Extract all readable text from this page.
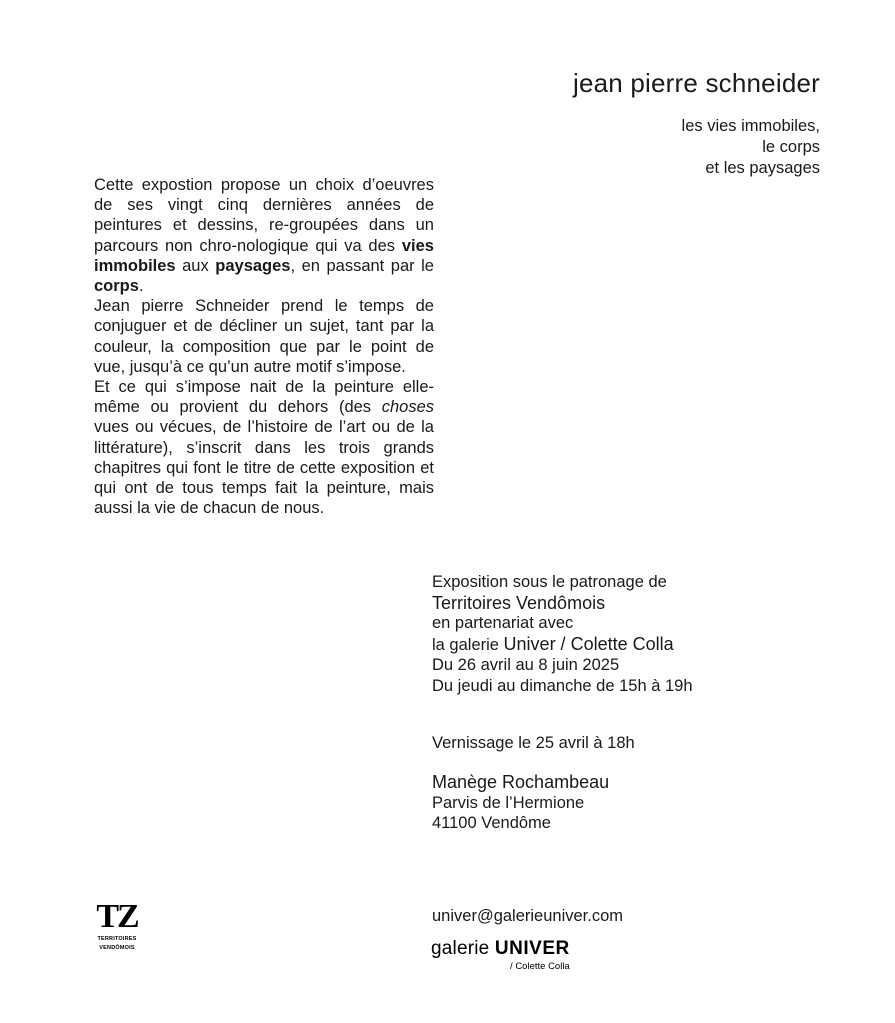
jean pierre schneider
les vies immobiles,
le corps
et les paysages

Cette expostion propose un choix d’oeuvres de ses vingt cinq dernières années de peintures et dessins, re-groupées dans un parcours non chro-nologique qui va des vies immobiles aux paysages, en passant par le corps.

Jean pierre Schneider prend le temps de conjuguer et de décliner un sujet, tant par la couleur, la composition que par le point de vue, jusqu’à ce qu’un autre motif s’impose.

Et ce qui s’impose nait de la peinture elle-même ou provient du dehors (des choses vues ou vécues, de l’histoire de l’art ou de la littérature), s’inscrit dans les trois grands chapitres qui font le titre de cette exposition et qui ont de tous temps fait la peinture, mais aussi la vie de chacun de nous.

Exposition sous le patronage de
Territoires Vendômois
en partenariat avec
la galerie Univer / Colette Colla
Du 26 avril au 8 juin 2025
Du jeudi au dimanche de 15h à 19h
Vernissage le 25 avril à 18h
Manège Rochambeau
Parvis de l’Hermione
41100 Vendôme
univer@galerieuniver.com
TZ
TERRITOIRES
VENDÔMOIS	galerie UNIVER
/ Colette Colla
